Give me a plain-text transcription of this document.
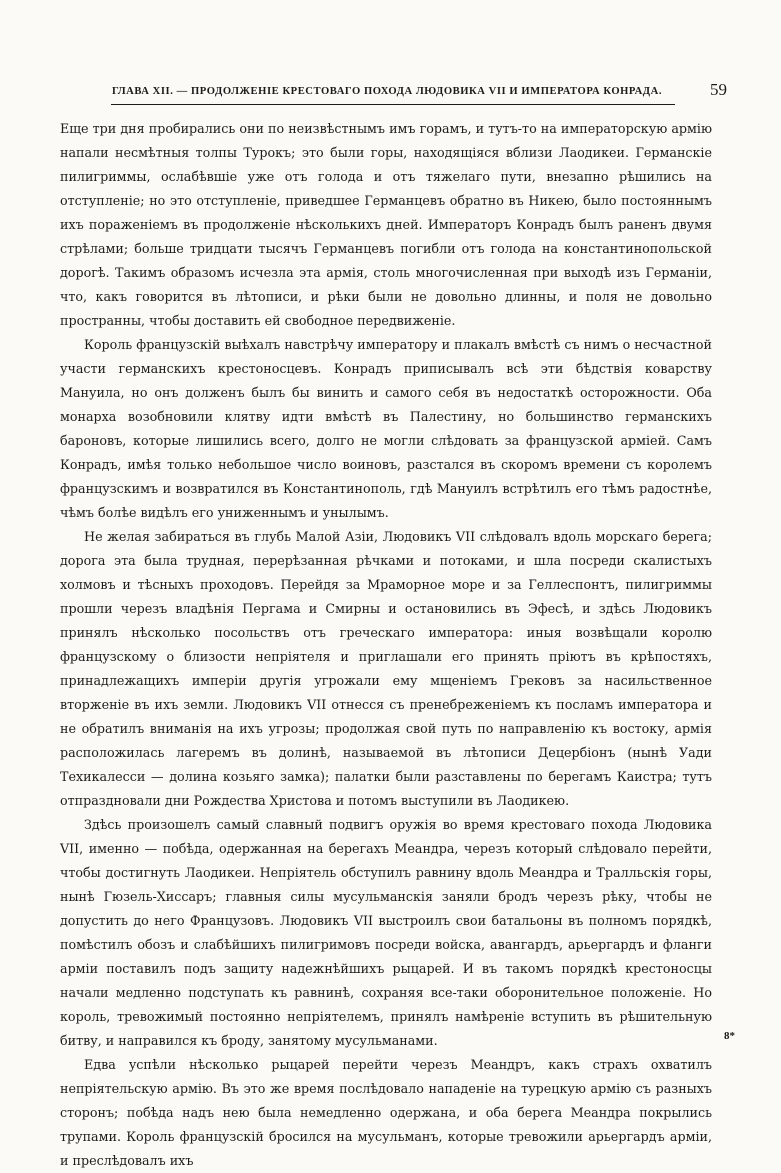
ГЛАВА XII. — ПРОДОЛЖЕНІЕ КРЕСТОВАГО ПОХОДА ЛЮДОВИКА VII И ИМПЕРАТОРА КОНРАДА.	59

Еще три дня пробирались они по неизвѣстнымъ имъ горамъ, и тутъ-то на императорскую армію напали несмѣтныя толпы Турокъ; это были горы, находящіяся вблизи Лаодикеи. Германскіе пилигриммы, ослабѣвшіе уже отъ голода и отъ тяжелаго пути, внезапно рѣшились на отступленіе; но это отступленіе, приведшее Германцевъ обратно въ Никею, было постояннымъ ихъ пораженіемъ въ продолженіе нѣсколькихъ дней. Императоръ Конрадъ былъ раненъ двумя стрѣлами; больше тридцати тысячъ Германцевъ погибли отъ голода на константинопольской дорогѣ. Такимъ образомъ исчезла эта армія, столь многочисленная при выходѣ изъ Германіи, что, какъ говорится въ лѣтописи, и рѣки были не довольно длинны, и поля не довольно пространны, чтобы доставить ей свободное передвиженіе.

Король французскій выѣхалъ навстрѣчу императору и плакалъ вмѣстѣ съ нимъ о несчастной участи германскихъ крестоносцевъ. Конрадъ приписывалъ всѣ эти бѣдствія коварству Мануила, но онъ долженъ былъ бы винить и самого себя въ недостаткѣ осторожности. Оба монарха возобновили клятву идти вмѣстѣ въ Палестину, но большинство германскихъ бароновъ, которые лишились всего, долго не могли слѣдовать за французской арміей. Самъ Конрадъ, имѣя только небольшое число воиновъ, разстался въ скоромъ времени съ королемъ французскимъ и возвратился въ Константинополь, гдѣ Мануилъ встрѣтилъ его тѣмъ радостнѣе, чѣмъ болѣе видѣлъ его униженнымъ и унылымъ.

Не желая забираться въ глубь Малой Азіи, Людовикъ VII слѣдовалъ вдоль морскаго берега; дорога эта была трудная, перерѣзанная рѣчками и потоками, и шла посреди скалистыхъ холмовъ и тѣсныхъ проходовъ. Перейдя за Мраморное море и за Геллеспонтъ, пилигриммы прошли черезъ владѣнія Пергама и Смирны и остановились въ Эфесѣ, и здѣсь Людовикъ принялъ нѣсколько посольствъ отъ греческаго императора: иныя возвѣщали королю французскому о близости непріятеля и приглашали его принять пріютъ въ крѣпостяхъ, принадлежащихъ имперіи другія угрожали ему мщеніемъ Грековъ за насильственное вторженіе въ ихъ земли. Людовикъ VII отнесся съ пренебреженіемъ къ посламъ императора и не обратилъ вниманія на ихъ угрозы; продолжая свой путь по направленію къ востоку, армія расположилась лагеремъ въ долинѣ, называемой въ лѣтописи Децербіонъ (нынѣ Уади Техикалесси — долина козьяго замка); палатки были разставлены по берегамъ Каистра; тутъ отпраздновали дни Рождества Христова и потомъ выступили въ Лаодикею.

Здѣсь произошелъ самый славный подвигъ оружія во время крестоваго похода Людовика VII, именно — побѣда, одержанная на берегахъ Меандра, черезъ который слѣдовало перейти, чтобы достигнуть Лаодикеи. Непріятель обступилъ равнину вдоль Меандра и Тралльскія горы, нынѣ Гюзель-Хиссаръ; главныя силы мусульманскія заняли бродъ черезъ рѣку, чтобы не допустить до него Французовъ. Людовикъ VII выстроилъ свои батальоны въ полномъ порядкѣ, помѣстилъ обозъ и слабѣйшихъ пилигримовъ посреди войска, авангардъ, арьергардъ и фланги арміи поставилъ подъ защиту надежнѣйшихъ рыцарей. И въ такомъ порядкѣ крестоносцы начали медленно подступать къ равнинѣ, сохраняя все-таки оборонительное положеніе. Но король, тревожимый постоянно непріятелемъ, принялъ намѣреніе вступить въ рѣшительную битву, и направился къ броду, занятому мусульманами.

Едва успѣли нѣсколько рыцарей перейти черезъ Меандръ, какъ страхъ охватилъ непріятельскую армію. Въ это же время послѣдовало нападеніе на турецкую армію съ разныхъ сторонъ; побѣда надъ нею была немедленно одержана, и оба берега Меандра покрылись трупами. Король французскій бросился на мусульманъ, которые тревожили арьергардъ арміи, и преслѣдовалъ ихъ

8*
